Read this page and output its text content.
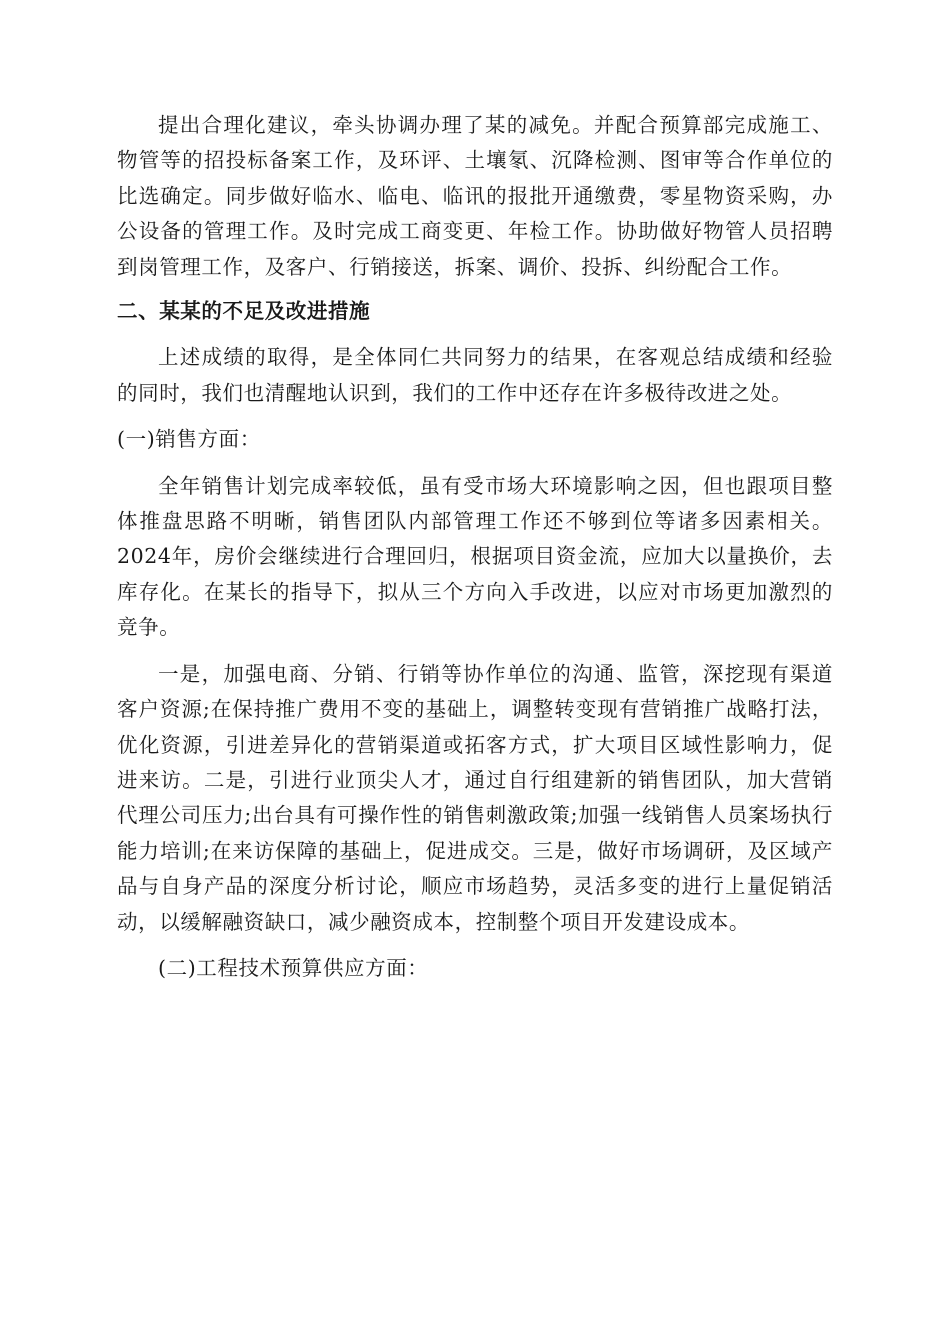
提出合理化建议，牵头协调办理了某的减免。并配合预算部完成施工、物管等的招投标备案工作，及环评、土壤氡、沉降检测、图审等合作单位的比选确定。同步做好临水、临电、临讯的报批开通缴费，零星物资采购，办公设备的管理工作。及时完成工商变更、年检工作。协助做好物管人员招聘到岗管理工作，及客户、行销接送，拆案、调价、投拆、纠纷配合工作。

二、某某的不足及改进措施

上述成绩的取得，是全体同仁共同努力的结果，在客观总结成绩和经验的同时，我们也清醒地认识到，我们的工作中还存在许多极待改进之处。

(一)销售方面：

全年销售计划完成率较低，虽有受市场大环境影响之因，但也跟项目整体推盘思路不明晰，销售团队内部管理工作还不够到位等诸多因素相关。2024年，房价会继续进行合理回归，根据项目资金流，应加大以量换价，去库存化。在某长的指导下，拟从三个方向入手改进，以应对市场更加激烈的竞争。

一是，加强电商、分销、行销等协作单位的沟通、监管，深挖现有渠道客户资源;在保持推广费用不变的基础上，调整转变现有营销推广战略打法，优化资源，引进差异化的营销渠道或拓客方式，扩大项目区域性影响力，促进来访。二是，引进行业顶尖人才，通过自行组建新的销售团队，加大营销代理公司压力;出台具有可操作性的销售刺激政策;加强一线销售人员案场执行能力培训;在来访保障的基础上，促进成交。三是，做好市场调研，及区域产品与自身产品的深度分析讨论，顺应市场趋势，灵活多变的进行上量促销活动，以缓解融资缺口，减少融资成本，控制整个项目开发建设成本。

(二)工程技术预算供应方面：
